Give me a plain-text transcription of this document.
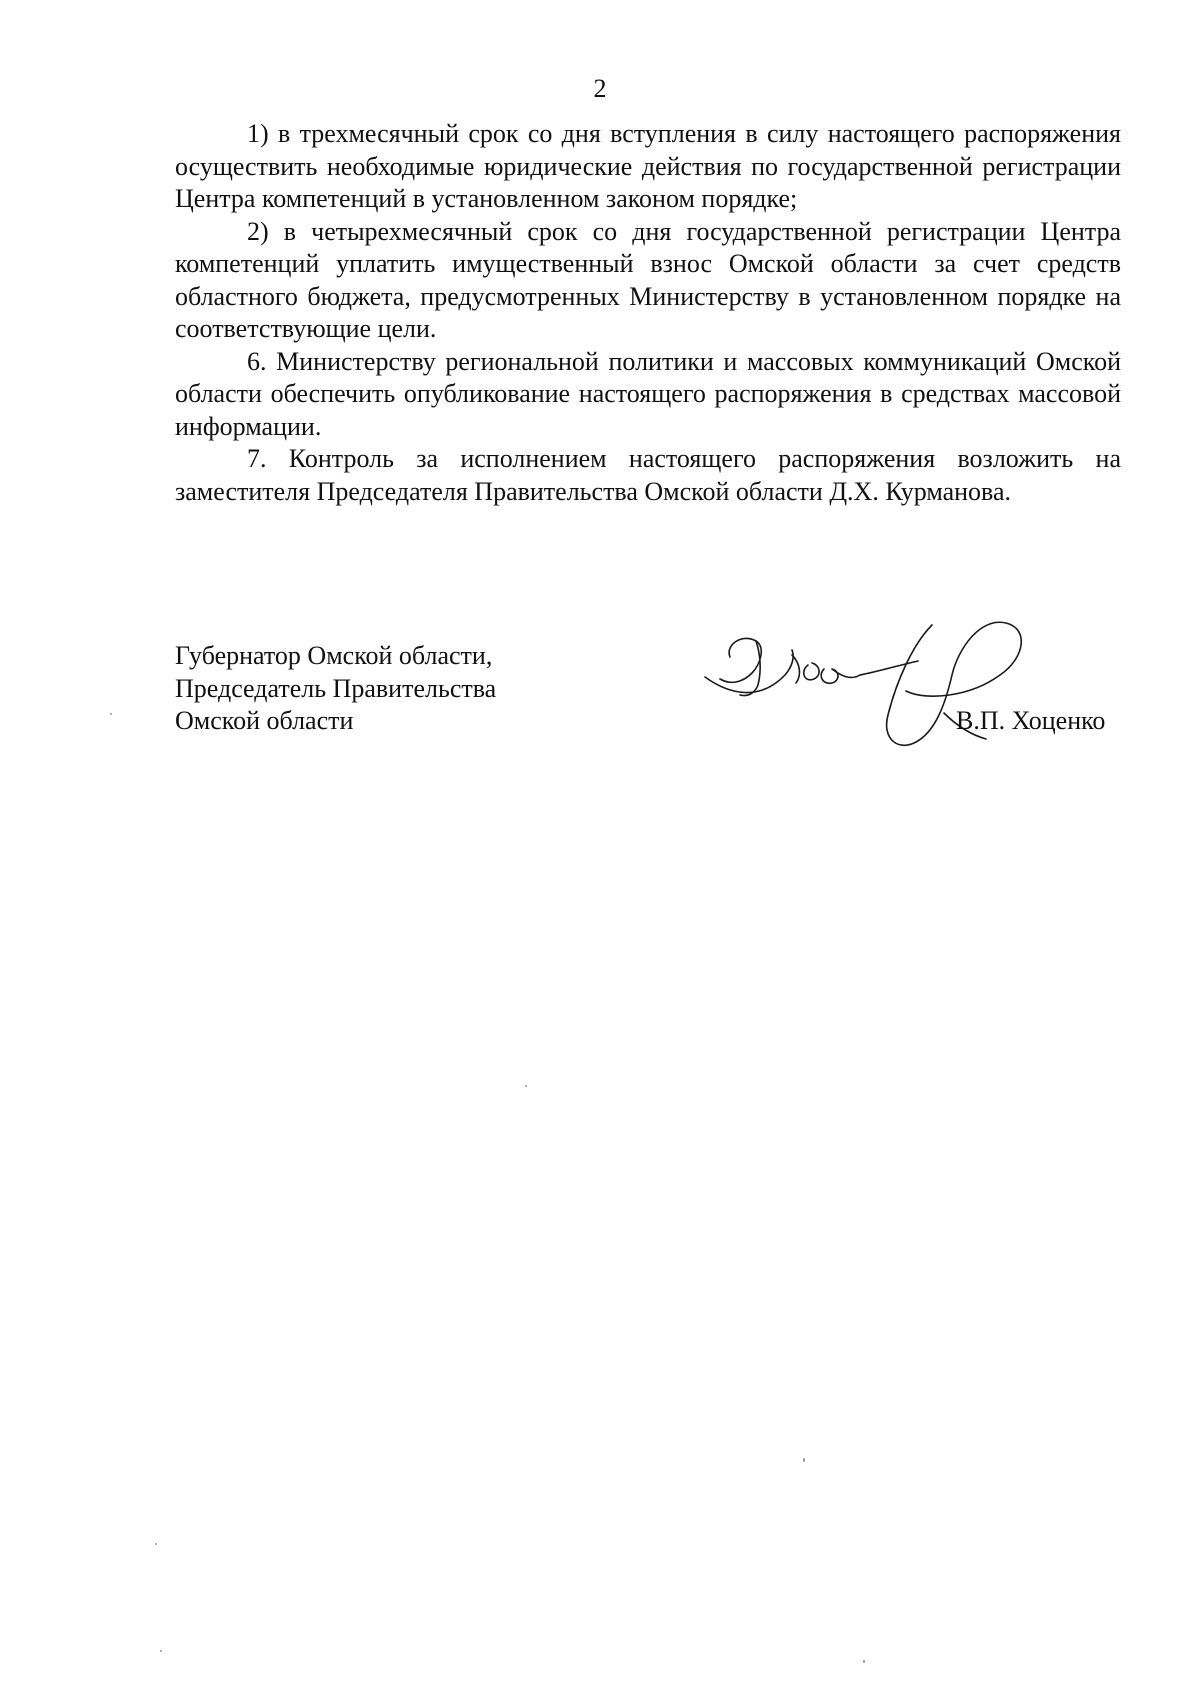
2

1) в трехмесячный срок со дня вступления в силу настоящего распоряжения осуществить необходимые юридические действия по государственной регистрации Центра компетенций в установленном законом порядке;

2) в четырехмесячный срок со дня государственной регистрации Центра компетенций уплатить имущественный взнос Омской области за счет средств областного бюджета, предусмотренных Министерству в установленном порядке на соответствующие цели.

6. Министерству региональной политики и массовых коммуникаций Омской области обеспечить опубликование настоящего распоряжения в средствах массовой информации.

7. Контроль за исполнением настоящего распоряжения возложить на заместителя Председателя Правительства Омской области Д.Х. Курманова.

Губернатор Омской области,
Председатель Правительства
Омской области	В.П. Хоценко
